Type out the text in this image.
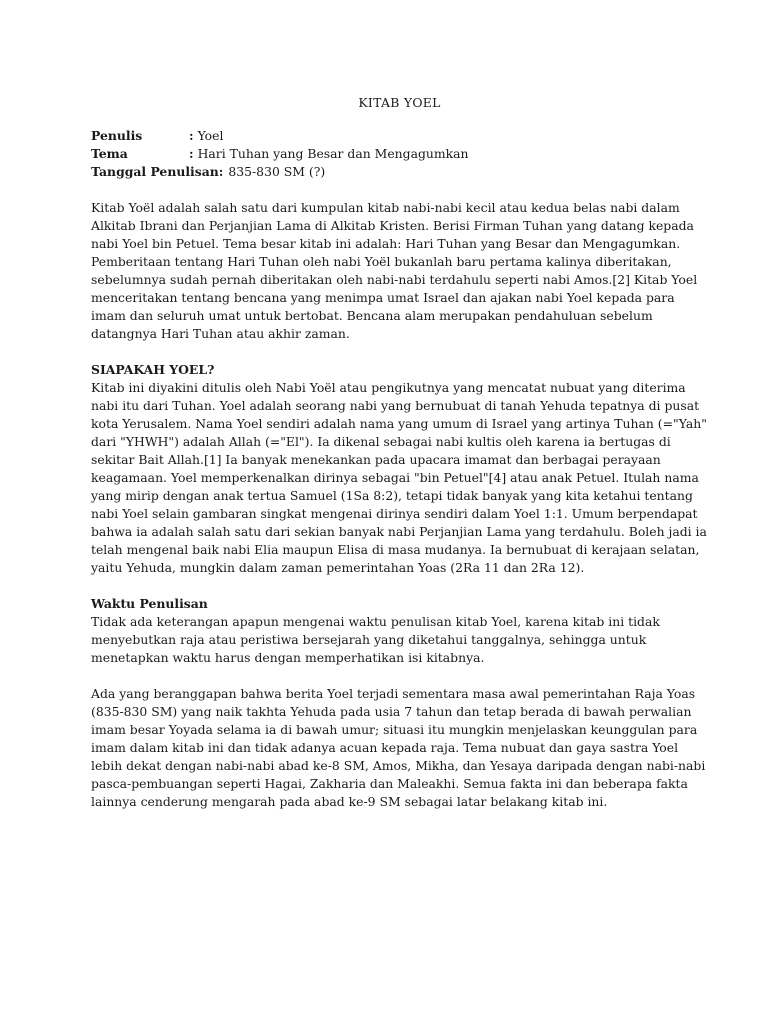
KITAB YOEL
Penulis	: Yoel
Tema	: Hari Tuhan yang Besar dan Mengagumkan
Tanggal Penulisan: 835-830 SM (?)

Kitab Yoël adalah salah satu dari kumpulan kitab nabi-nabi kecil atau kedua belas nabi dalam Alkitab Ibrani dan Perjanjian Lama di Alkitab Kristen. Berisi Firman Tuhan yang datang kepada nabi Yoel bin Petuel. Tema besar kitab ini adalah: Hari Tuhan yang Besar dan Mengagumkan. Pemberitaan tentang Hari Tuhan oleh nabi Yoël bukanlah baru pertama kalinya diberitakan, sebelumnya sudah pernah diberitakan oleh nabi-nabi terdahulu seperti nabi Amos.[2] Kitab Yoel menceritakan tentang bencana yang menimpa umat Israel dan ajakan nabi Yoel kepada para imam dan seluruh umat untuk bertobat. Bencana alam merupakan pendahuluan sebelum datangnya Hari Tuhan atau akhir zaman.

SIAPAKAH YOEL?

Kitab ini diyakini ditulis oleh Nabi Yoël atau pengikutnya yang mencatat nubuat yang diterima nabi itu dari Tuhan. Yoel adalah seorang nabi yang bernubuat di tanah Yehuda tepatnya di pusat kota Yerusalem. Nama Yoel sendiri adalah nama yang umum di Israel yang artinya Tuhan (="Yah" dari "YHWH") adalah Allah (="El"). Ia dikenal sebagai nabi kultis oleh karena ia bertugas di sekitar Bait Allah.[1] Ia banyak menekankan pada upacara imamat dan berbagai perayaan keagamaan. Yoel memperkenalkan dirinya sebagai "bin Petuel"[4] atau anak Petuel. Itulah nama yang mirip dengan anak tertua Samuel (1Sa 8:2), tetapi tidak banyak yang kita ketahui tentang nabi Yoel selain gambaran singkat mengenai dirinya sendiri dalam Yoel 1:1. Umum berpendapat bahwa ia adalah salah satu dari sekian banyak nabi Perjanjian Lama yang terdahulu. Boleh jadi ia telah mengenal baik nabi Elia maupun Elisa di masa mudanya. Ia bernubuat di kerajaan selatan, yaitu Yehuda, mungkin dalam zaman pemerintahan Yoas (2Ra 11 dan 2Ra 12).

Waktu Penulisan

Tidak ada keterangan apapun mengenai waktu penulisan kitab Yoel, karena kitab ini tidak menyebutkan raja atau peristiwa bersejarah yang diketahui tanggalnya, sehingga untuk menetapkan waktu harus dengan memperhatikan isi kitabnya.

Ada yang beranggapan bahwa berita Yoel terjadi sementara masa awal pemerintahan Raja Yoas (835-830 SM) yang naik takhta Yehuda pada usia 7 tahun dan tetap berada di bawah perwalian imam besar Yoyada selama ia di bawah umur; situasi itu mungkin menjelaskan keunggulan para imam dalam kitab ini dan tidak adanya acuan kepada raja. Tema nubuat dan gaya sastra Yoel lebih dekat dengan nabi-nabi abad ke-8 SM, Amos, Mikha, dan Yesaya daripada dengan nabi-nabi pasca-pembuangan seperti Hagai, Zakharia dan Maleakhi. Semua fakta ini dan beberapa fakta lainnya cenderung mengarah pada abad ke-9 SM sebagai latar belakang kitab ini.
